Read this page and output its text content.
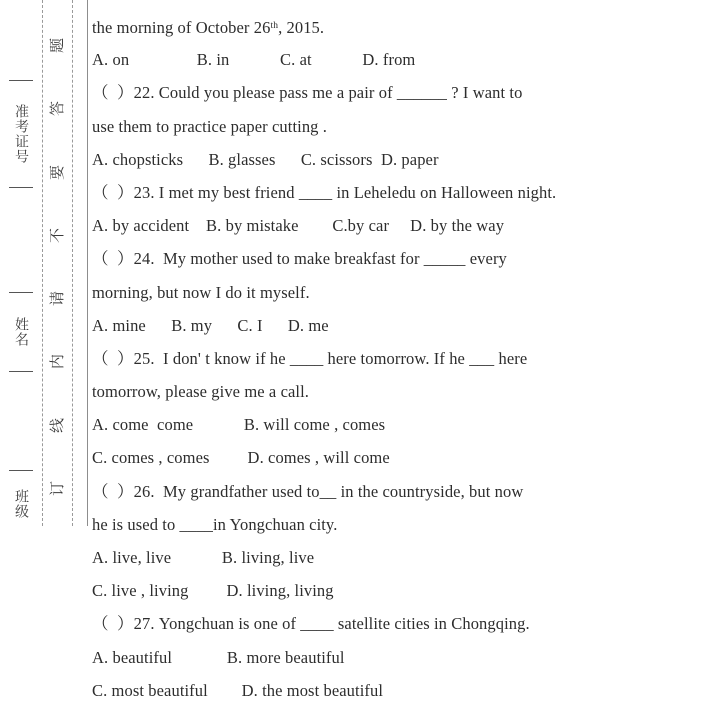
准考证号
姓名
班级
题
答
要
不
请
内
线
订
the morning of October 26th, 2015.
A. on                B. in            C. at            D. from
（  ）22. Could you please pass me a pair of ______ ? I want to
use them to practice paper cutting .
A. chopsticks      B. glasses      C. scissors  D. paper
（  ）23. I met my best friend ____ in Leheledu on Halloween night.
A. by accident    B. by mistake        C.by car     D. by the way
（  ）24.  My mother used to make breakfast for _____ every
morning, but now I do it myself.
A. mine      B. my      C. I      D. me
（  ）25.  I don' t know if he ____ here tomorrow. If he ___ here
tomorrow, please give me a call.
A. come  come            B. will come , comes
C. comes , comes         D. comes , will come
（  ）26.  My grandfather used to__ in the countryside, but now
he is used to ____in Yongchuan city.
A. live, live            B. living, live
C. live , living         D. living, living
（  ）27. Yongchuan is one of ____ satellite cities in Chongqing.
A. beautiful             B. more beautiful
C. most beautiful        D. the most beautiful
